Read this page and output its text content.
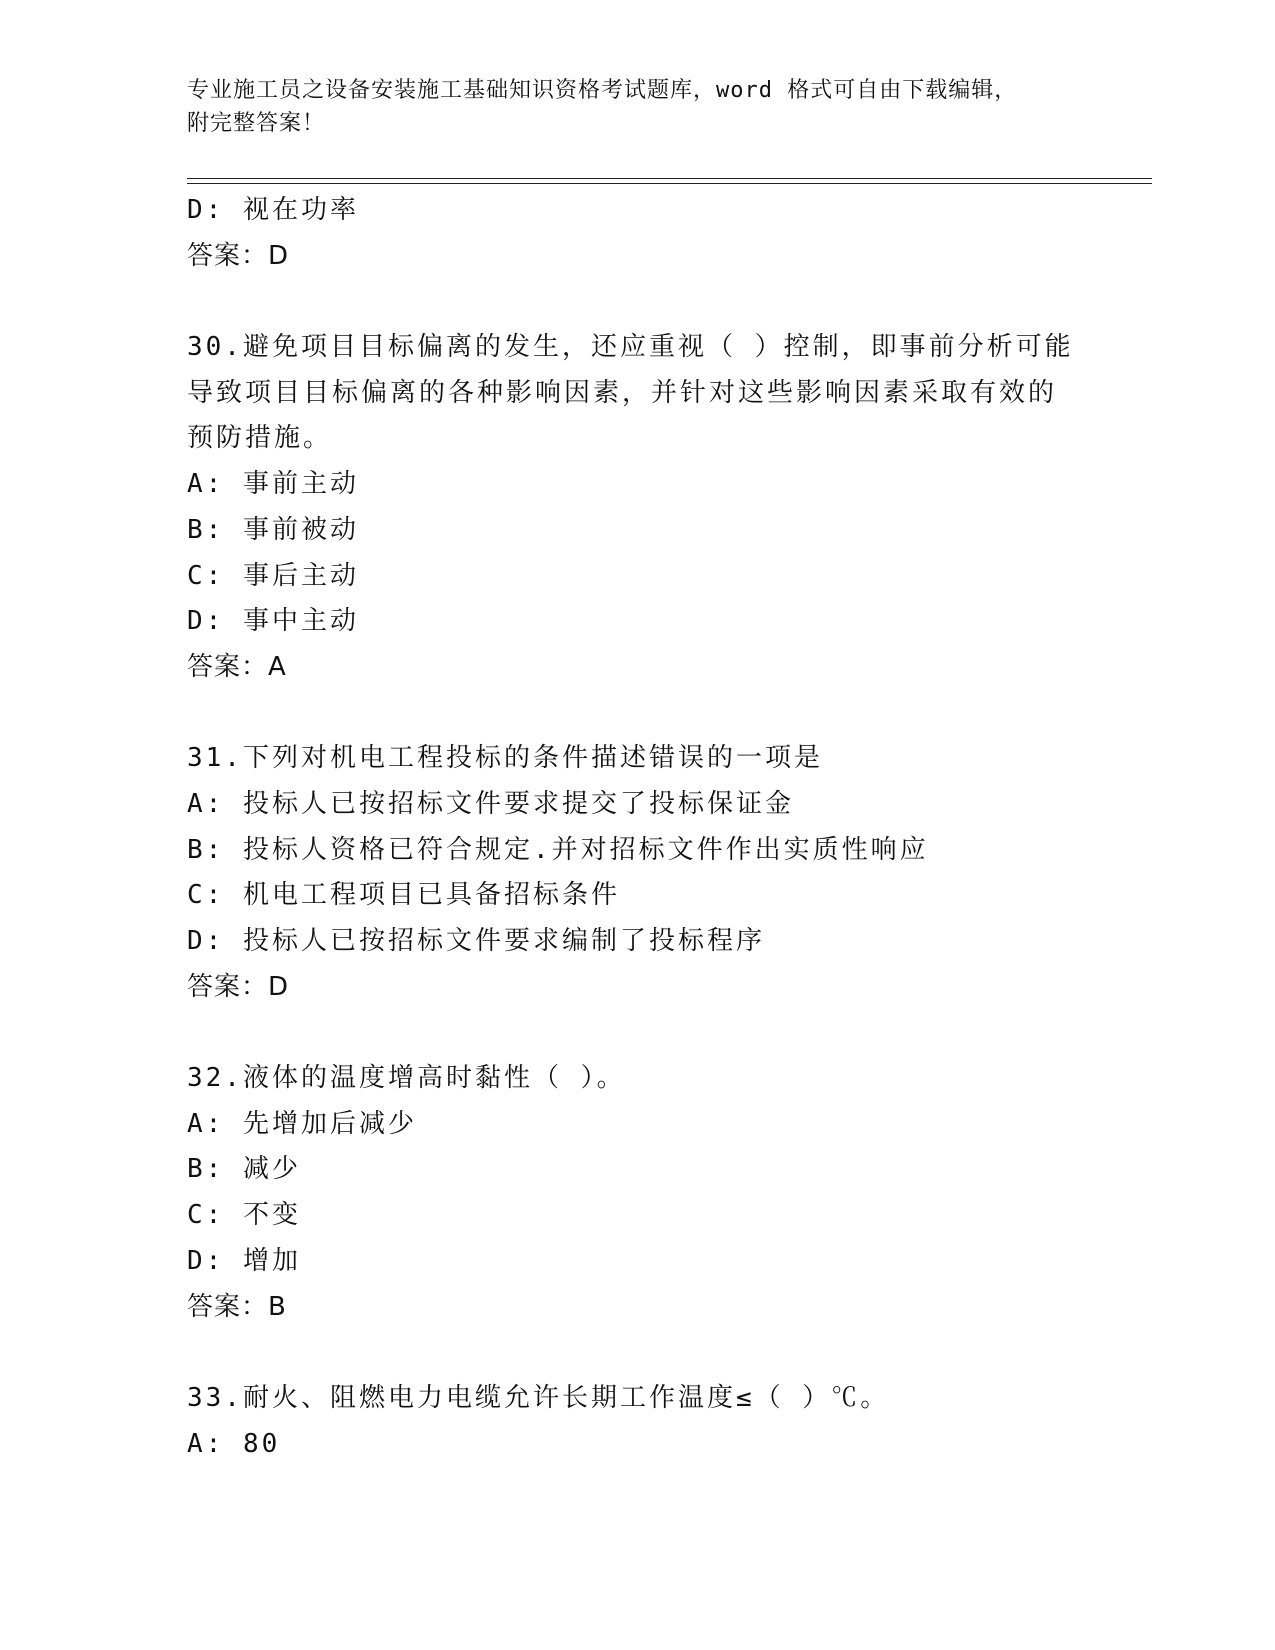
专业施工员之设备安装施工基础知识资格考试题库，word 格式可自由下载编辑，
附完整答案！
D: 视在功率
答案：D
30.避免项目目标偏离的发生，还应重视（ ）控制，即事前分析可能
导致项目目标偏离的各种影响因素，并针对这些影响因素采取有效的
预防措施。
A: 事前主动
B: 事前被动
C: 事后主动
D: 事中主动
答案：A
31.下列对机电工程投标的条件描述错误的一项是
A: 投标人已按招标文件要求提交了投标保证金
B: 投标人资格已符合规定.并对招标文件作出实质性响应
C: 机电工程项目已具备招标条件
D: 投标人已按招标文件要求编制了投标程序
答案：D
32.液体的温度增高时黏性（ ）。
A: 先增加后减少
B: 减少
C: 不变
D: 增加
答案：B
33.耐火、阻燃电力电缆允许长期工作温度≤（ ）℃。
A: 80
